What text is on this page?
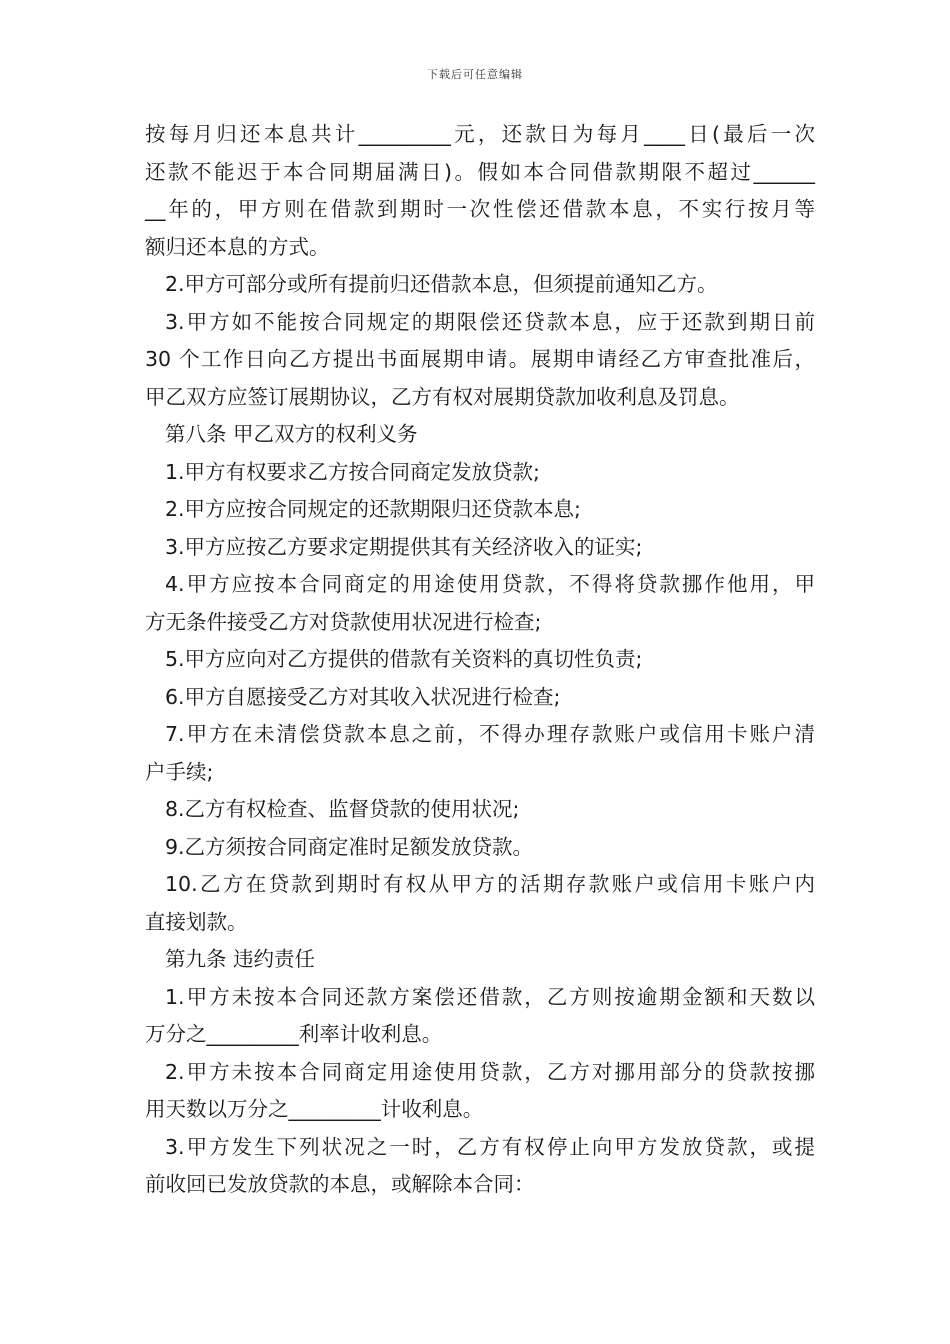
下载后可任意编辑
按每月归还本息共计_________元，还款日为每月____日(最后一次
还款不能迟于本合同期届满日)。假如本合同借款期限不超过______
__年的，甲方则在借款到期时一次性偿还借款本息，不实行按月等
额归还本息的方式。
2.甲方可部分或所有提前归还借款本息，但须提前通知乙方。
3.甲方如不能按合同规定的期限偿还贷款本息，应于还款到期日前
30 个工作日向乙方提出书面展期申请。展期申请经乙方审查批准后，
甲乙双方应签订展期协议，乙方有权对展期贷款加收利息及罚息。
第八条 甲乙双方的权利义务
1.甲方有权要求乙方按合同商定发放贷款;
2.甲方应按合同规定的还款期限归还贷款本息;
3.甲方应按乙方要求定期提供其有关经济收入的证实;
4.甲方应按本合同商定的用途使用贷款，不得将贷款挪作他用，甲
方无条件接受乙方对贷款使用状况进行检查;
5.甲方应向对乙方提供的借款有关资料的真切性负责;
6.甲方自愿接受乙方对其收入状况进行检查;
7.甲方在未清偿贷款本息之前，不得办理存款账户或信用卡账户清
户手续;
8.乙方有权检查、监督贷款的使用状况;
9.乙方须按合同商定准时足额发放贷款。
10.乙方在贷款到期时有权从甲方的活期存款账户或信用卡账户内
直接划款。
第九条 违约责任
1.甲方未按本合同还款方案偿还借款，乙方则按逾期金额和天数以
万分之_________利率计收利息。
2.甲方未按本合同商定用途使用贷款，乙方对挪用部分的贷款按挪
用天数以万分之_________计收利息。
3.甲方发生下列状况之一时，乙方有权停止向甲方发放贷款，或提
前收回已发放贷款的本息，或解除本合同：
